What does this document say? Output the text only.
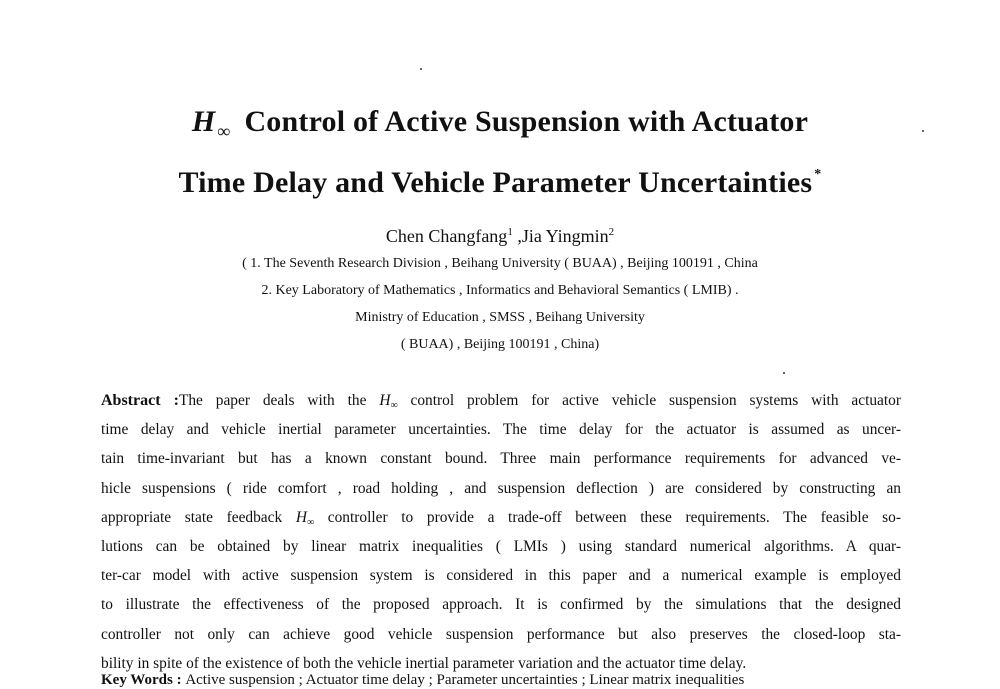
H $_\infty$ Control of Active Suspension with Actuator
Time Delay and Vehicle Parameter Uncertainties *
Chen Changfang$^1$ ,Jia Yingmin$^2$
( 1. The Seventh Research Division , Beihang University ( BUAA) , Beijing 100191 , China
2. Key Laboratory of Mathematics , Informatics and Behavioral Semantics ( LMIB) .
Ministry of Education , SMSS , Beihang University
( BUAA) , Beijing 100191 , China)
Abstract :The paper deals with the $H_\infty$ control problem for active vehicle suspension systems with actuator
time delay and vehicle inertial parameter uncertainties. The time delay for the actuator is assumed as uncer-
tain time-invariant but has a known constant bound. Three main performance requirements for advanced ve-
hicle suspensions ( ride comfort , road holding , and suspension deflection ) are considered by constructing an
appropriate state feedback $H_\infty$ controller to provide a trade-off between these requirements. The feasible so-
lutions can be obtained by linear matrix inequalities ( LMIs ) using standard numerical algorithms. A quar-
ter-car model with active suspension system is considered in this paper and a numerical example is employed
to illustrate the effectiveness of the proposed approach. It is confirmed by the simulations that the designed
controller not only can achieve good vehicle suspension performance but also preserves the closed-loop sta-
bility in spite of the existence of both the vehicle inertial parameter variation and the actuator time delay.
Key Words : Active suspension ; Actuator time delay ; Parameter uncertainties ; Linear matrix inequalities
